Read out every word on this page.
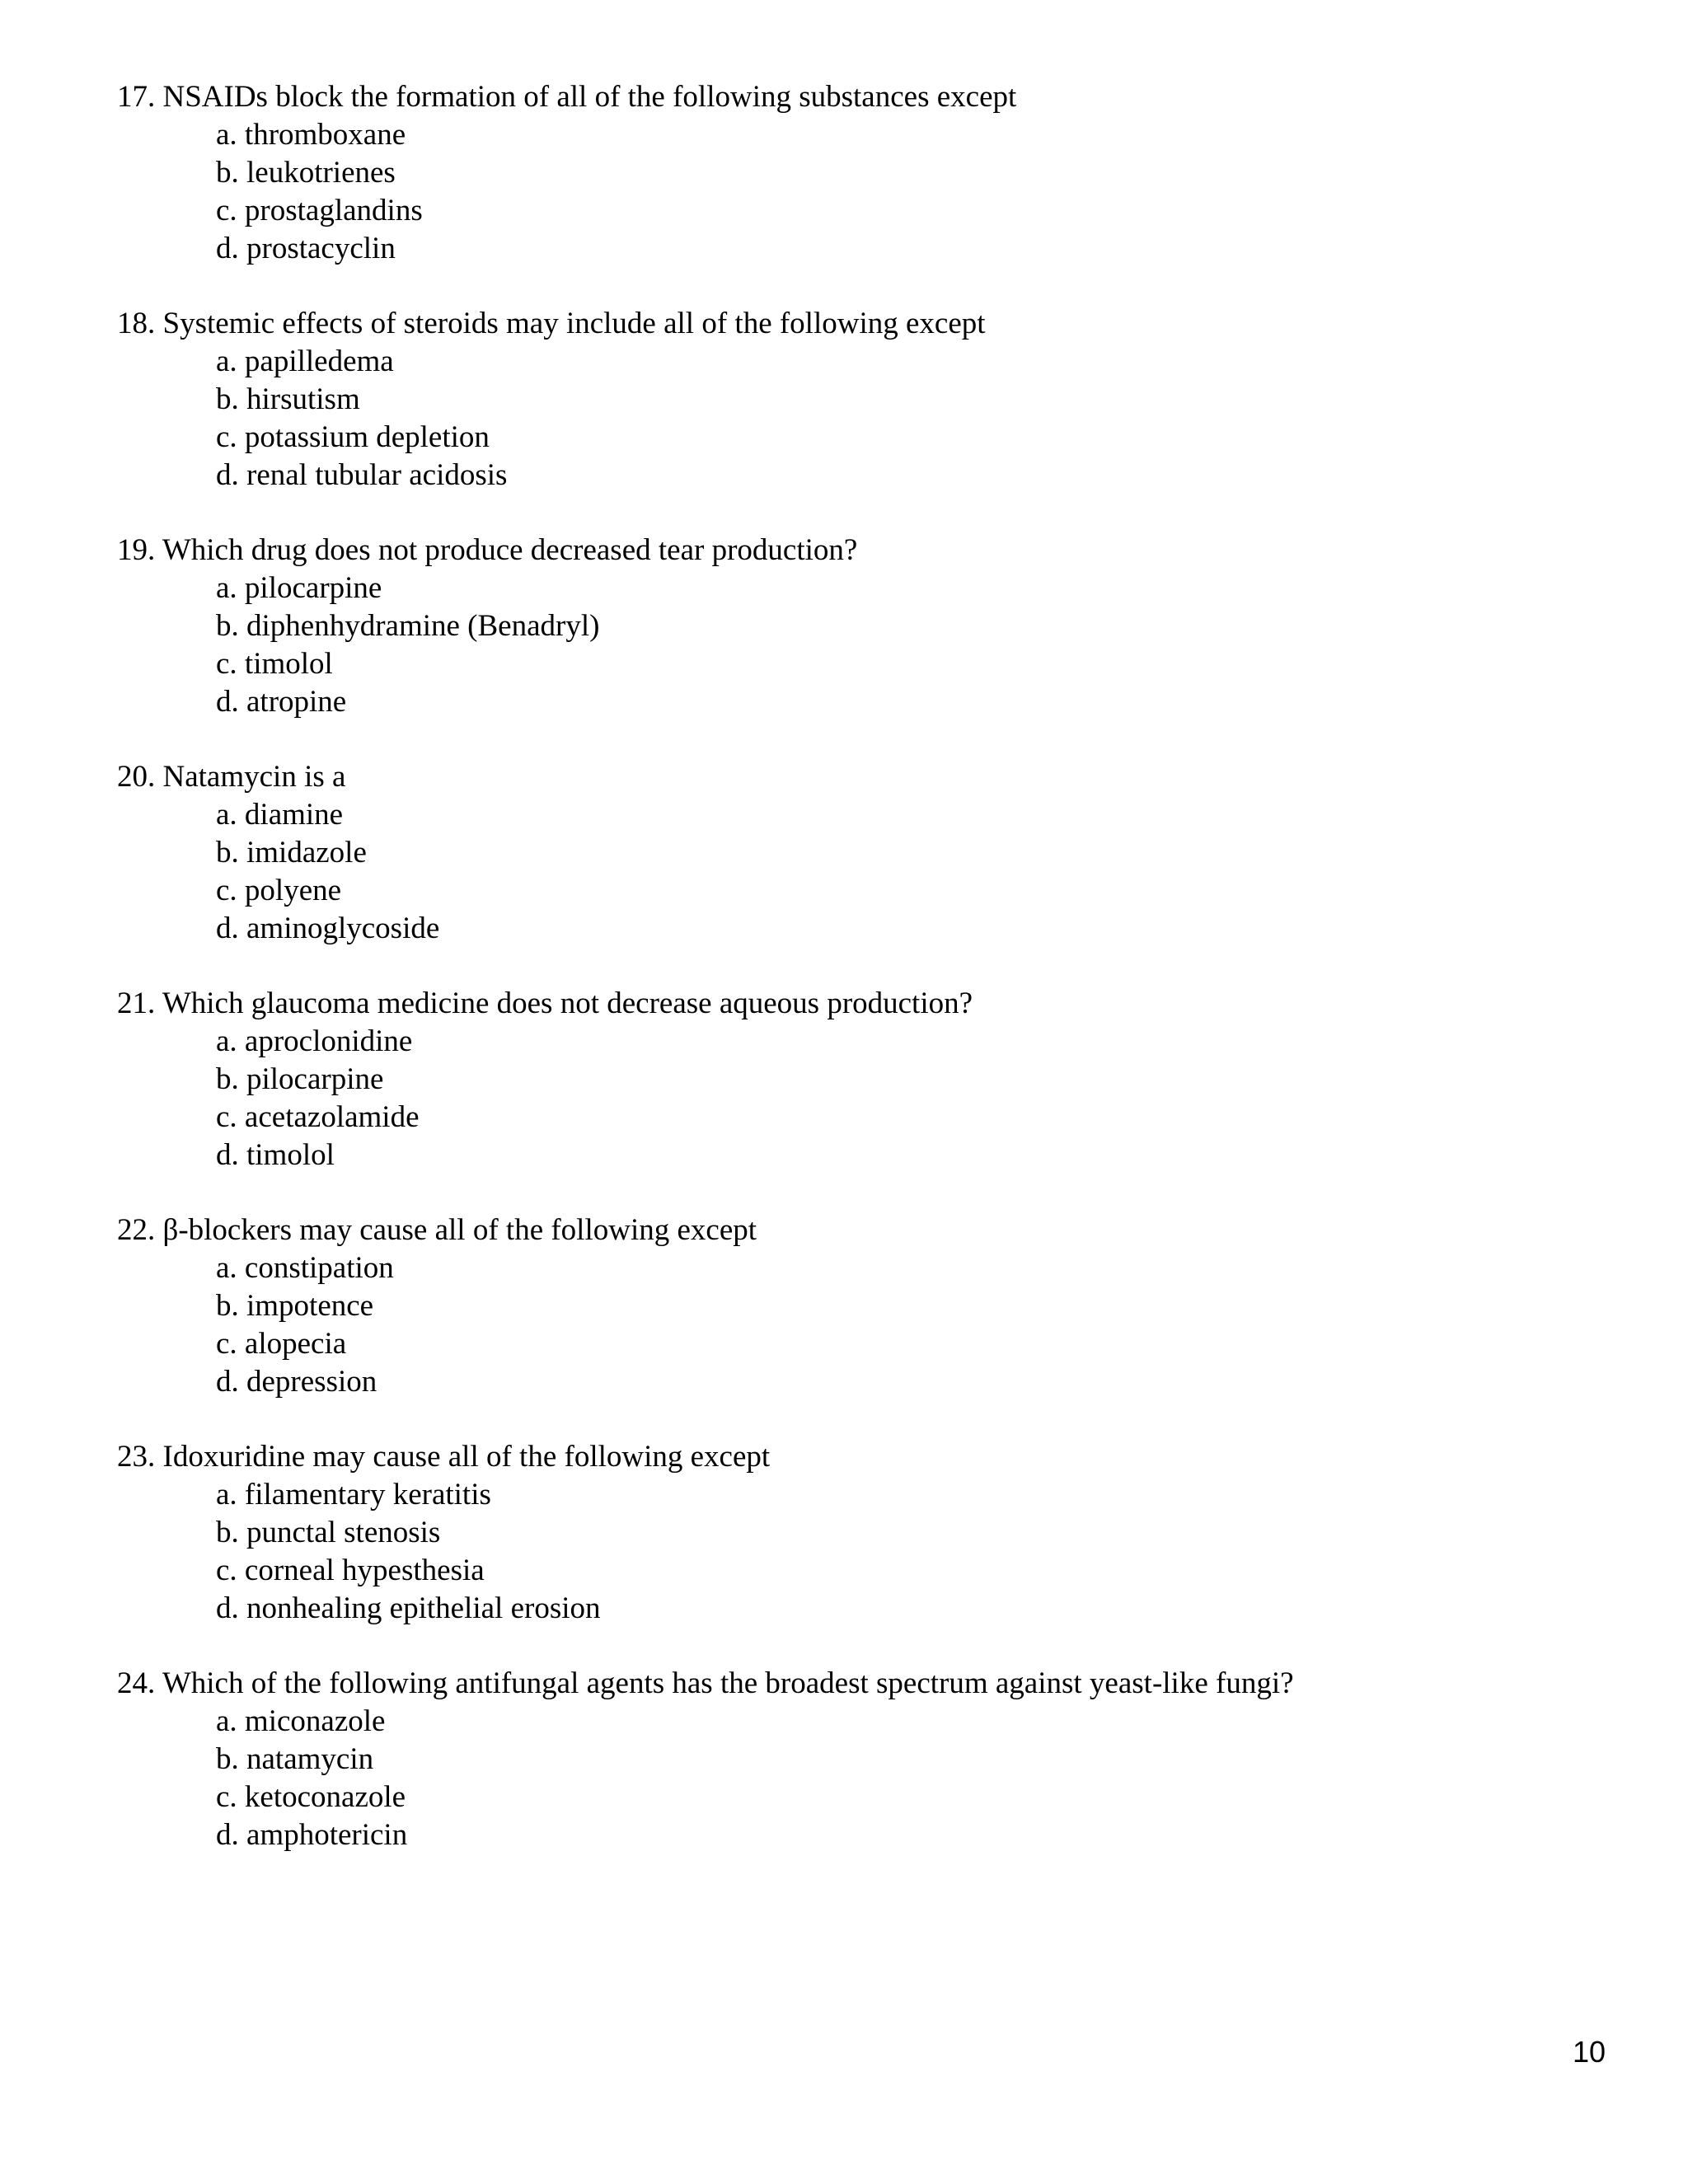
17. NSAIDs block the formation of all of the following substances except
a. thromboxane
b. leukotrienes
c. prostaglandins
d. prostacyclin
18. Systemic effects of steroids may include all of the following except
a. papilledema
b. hirsutism
c. potassium depletion
d. renal tubular acidosis
19. Which drug does not produce decreased tear production?
a. pilocarpine
b. diphenhydramine (Benadryl)
c. timolol
d. atropine
20. Natamycin is a
a. diamine
b. imidazole
c. polyene
d. aminoglycoside
21. Which glaucoma medicine does not decrease aqueous production?
a. aproclonidine
b. pilocarpine
c. acetazolamide
d. timolol
22. β-blockers may cause all of the following except
a. constipation
b. impotence
c. alopecia
d. depression
23. Idoxuridine may cause all of the following except
a. filamentary keratitis
b. punctal stenosis
c. corneal hypesthesia
d. nonhealing epithelial erosion
24. Which of the following antifungal agents has the broadest spectrum against yeast-like fungi?
a. miconazole
b. natamycin
c. ketoconazole
d. amphotericin
10
